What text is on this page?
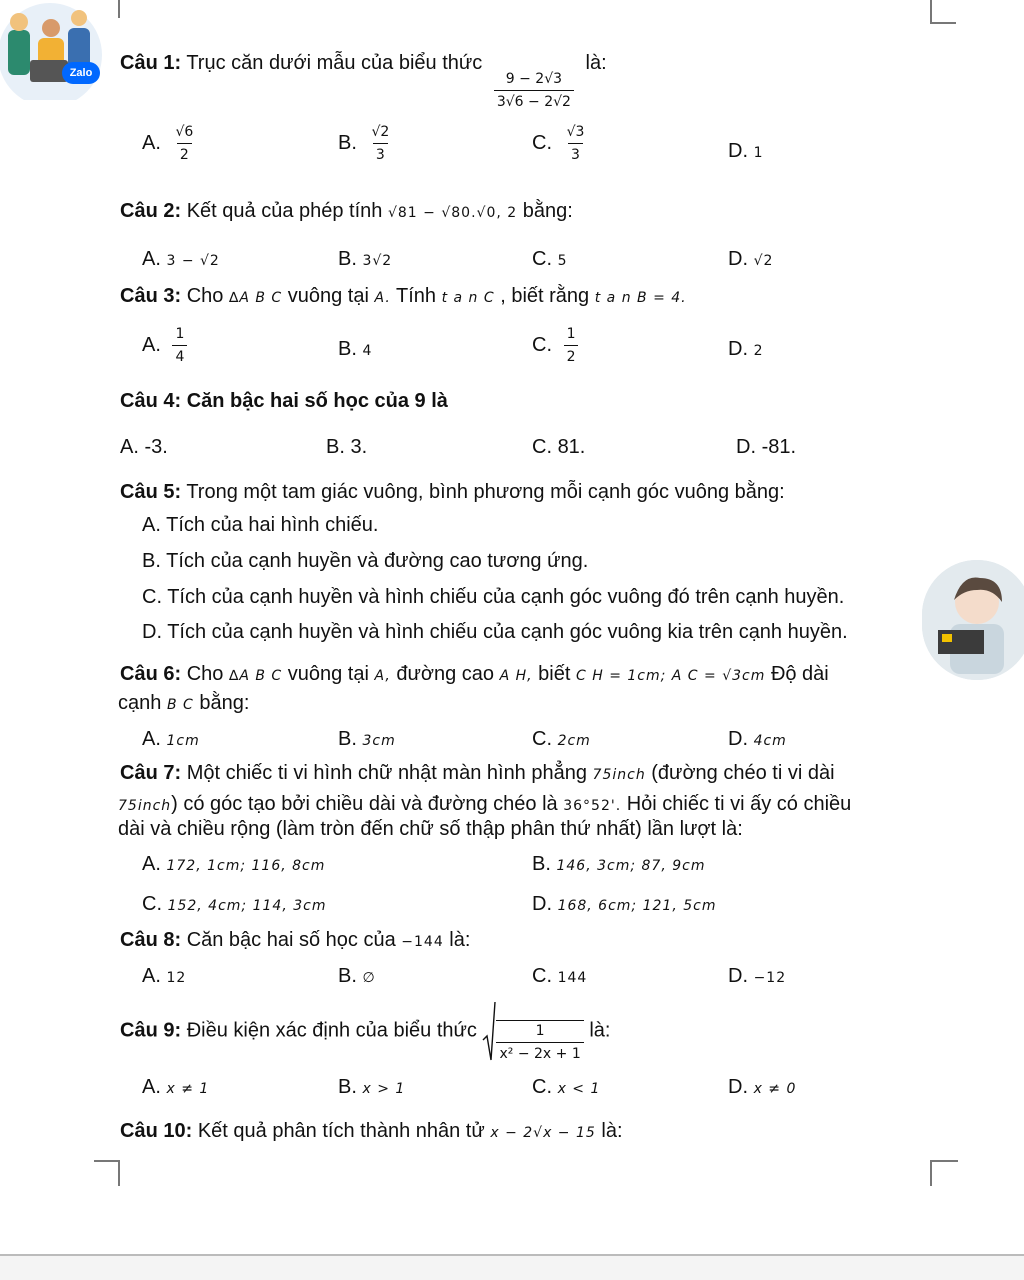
Zalo	Câu 1: Trục căn dưới mẫu của biểu thức
$\frac{9 - 2√3}{3√6 - 2√2}$
là:
A. $\frac{√6}{2}$	B. $\frac{√2}{3}$	C. $\frac{√3}{3}$	D. 1
Câu 2: Kết quả của phép tính √81 − √80.√0, 2 bằng:
A. 3 − √2	B. 3√2	C. 5	D. √2
Câu 3: Cho ∆A B C vuông tại A. Tính t a n C , biết rằng t a n B = 4.
A. $\frac{1}{4}$	B. 4	C. $\frac{1}{2}$	D. 2
Câu 4: Căn bậc hai số học của 9 là
A. -3.	B. 3.	C. 81.	D. -81.
Câu 5: Trong một tam giác vuông, bình phương mỗi cạnh góc vuông bằng:
A. Tích của hai hình chiếu.
B. Tích của cạnh huyền và đường cao tương ứng.
C. Tích của cạnh huyền và hình chiếu của cạnh góc vuông đó trên cạnh huyền.
D. Tích của cạnh huyền và hình chiếu của cạnh góc vuông kia trên cạnh huyền.
Câu 6: Cho ∆A B C vuông tại A, đường cao A H, biết C H = 1cm; A C = √3cm Độ dài
cạnh B C bằng:
A. 1cm	B. 3cm	C. 2cm	D. 4cm
Câu 7: Một chiếc ti vi hình chữ nhật màn hình phẳng 75inch (đường chéo ti vi dài
75inch) có góc tạo bởi chiều dài và đường chéo là 36°52'. Hỏi chiếc ti vi ấy có chiều
dài và chiều rộng (làm tròn đến chữ số thập phân thứ nhất) lần lượt là:
A. 172, 1cm; 116, 8cm	B. 146, 3cm; 87, 9cm
C. 152, 4cm; 114, 3cm	D. 168, 6cm; 121, 5cm
Câu 8: Căn bậc hai số học của −144 là:
A. 12	B. ∅	C. 144	D. −12
Câu 9: Điều kiện xác định của biểu thức $\frac{1}{\text{x² − 2x + 1}}$ là:
A. x ≠ 1	B. x > 1	C. x < 1	D. x ≠ 0
Câu 10: Kết quả phân tích thành nhân tử x − 2√x − 15 là:
